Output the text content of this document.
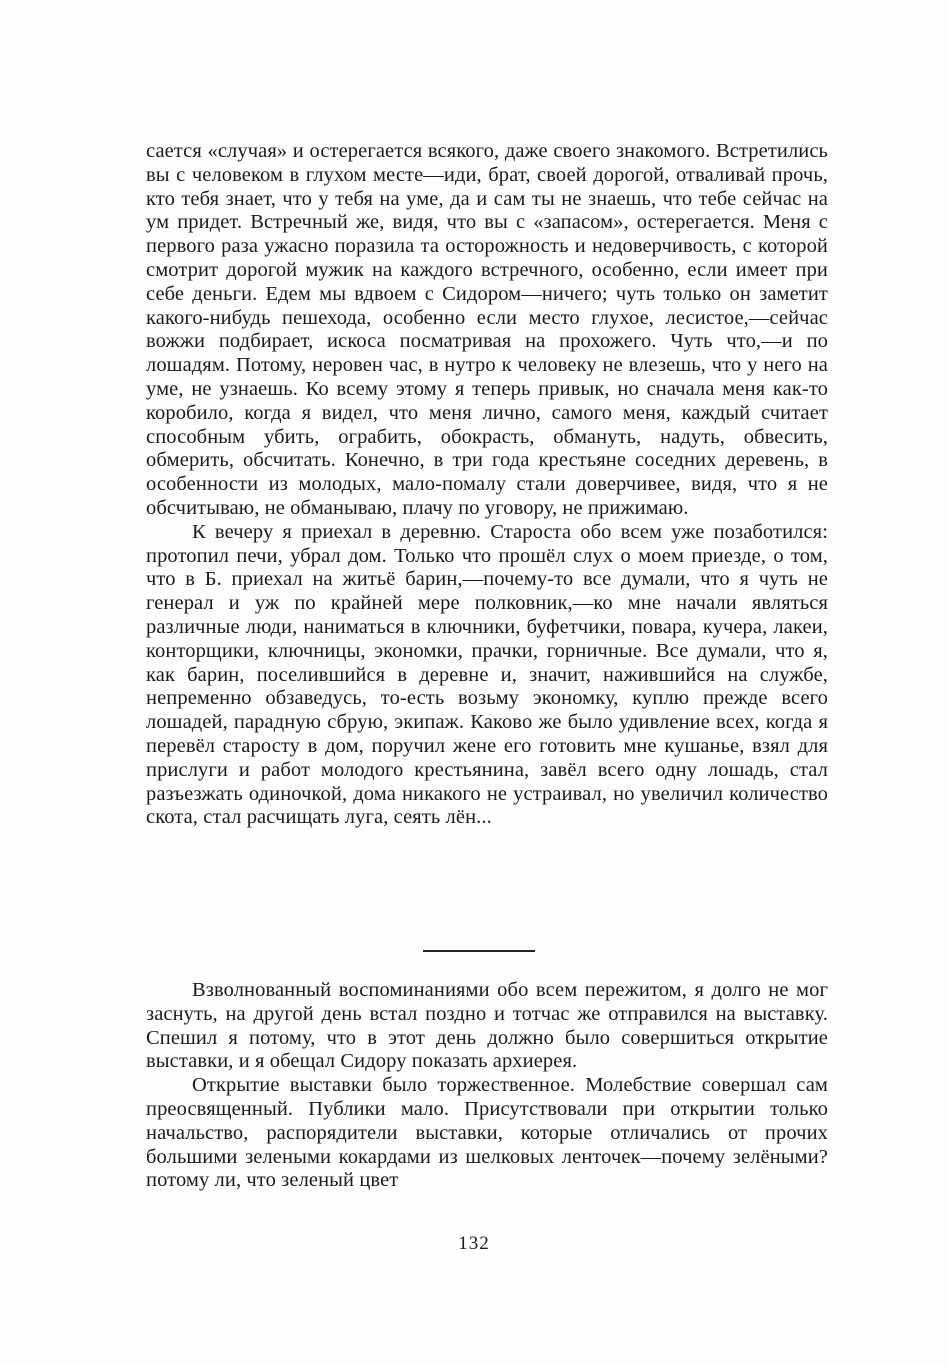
сается «случая» и остерегается всякого, даже своего знакомого. Встретились вы с человеком в глухом месте—иди, брат, своей дорогой, отваливай прочь, кто тебя знает, что у тебя на уме, да и сам ты не знаешь, что тебе сейчас на ум придет. Встречный же, видя, что вы с «запасом», остерегается. Меня с первого раза ужасно поразила та осторожность и недоверчивость, с которой смотрит дорогой мужик на каждого встречного, особенно, если имеет при себе деньги. Едем мы вдвоем с Сидором—ничего; чуть только он заметит какого-нибудь пешехода, особенно если место глухое, лесистое,—сейчас вожжи подбирает, искоса посматривая на прохожего. Чуть что,—и по лошадям. Потому, неровен час, в нутро к человеку не влезешь, что у него на уме, не узнаешь. Ко всему этому я теперь привык, но сначала меня как-то коробило, когда я видел, что меня лично, самого меня, каждый считает способным убить, ограбить, обокрасть, обмануть, надуть, обвесить, обмерить, обсчитать. Конечно, в три года крестьяне соседних деревень, в особенности из молодых, мало-помалу стали доверчивее, видя, что я не обсчитываю, не обманываю, плачу по уговору, не прижимаю.

К вечеру я приехал в деревню. Староста обо всем уже позаботился: протопил печи, убрал дом. Только что прошёл слух о моем приезде, о том, что в Б. приехал на житьё барин,—почему-то все думали, что я чуть не генерал и уж по крайней мере полковник,—ко мне начали являться различные люди, наниматься в ключники, буфетчики, повара, кучера, лакеи, конторщики, ключницы, экономки, прачки, горничные. Все думали, что я, как барин, поселившийся в деревне и, значит, нажившийся на службе, непременно обзаведусь, то-есть возьму экономку, куплю прежде всего лошадей, парадную сбрую, экипаж. Каково же было удивление всех, когда я перевёл старосту в дом, поручил жене его готовить мне кушанье, взял для прислуги и работ молодого крестьянина, завёл всего одну лошадь, стал разъезжать одиночкой, дома никакого не устраивал, но увеличил количество скота, стал расчищать луга, сеять лён...

Взволнованный воспоминаниями обо всем пережитом, я долго не мог заснуть, на другой день встал поздно и тотчас же отправился на выставку. Спешил я потому, что в этот день должно было совершиться открытие выставки, и я обещал Сидору показать архиерея.

Открытие выставки было торжественное. Молебствие совершал сам преосвященный. Публики мало. Присутствовали при открытии только начальство, распорядители выставки, которые отличались от прочих большими зелеными кокардами из шелковых ленточек—почему зелёными? потому ли, что зеленый цвет

132
